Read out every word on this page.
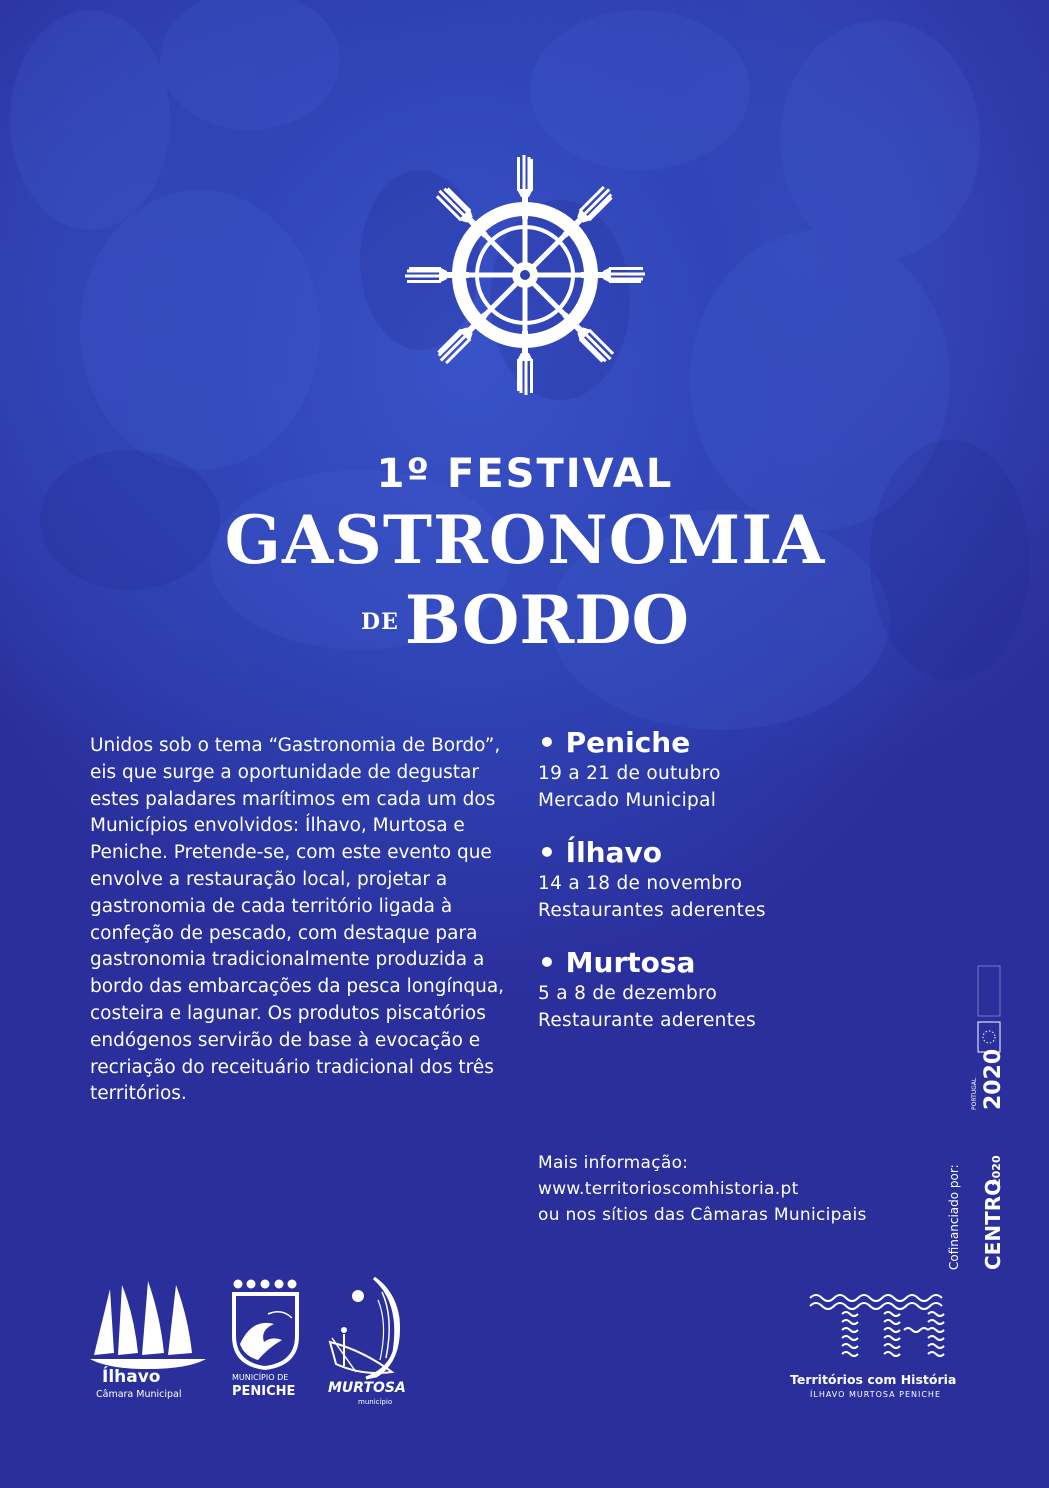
1º FESTIVAL

GASTRONOMIA

DEBORDO

Unidos sob o tema “Gastronomia de Bordo”, eis que surge a oportunidade de degustar estes paladares marítimos em cada um dos Municípios envolvidos: Ílhavo, Murtosa e Peniche. Pretende-se, com este evento que envolve a restauração local, projetar a gastronomia de cada território ligada à confeção de pescado, com destaque para gastronomia tradicionalmente produzida a bordo das embarcações da pesca longínqua, costeira e lagunar. Os produtos piscatórios endógenos servirão de base à evocação e recriação do receituário tradicional dos três territórios.

• Peniche
19 a 21 de outubro
Mercado Municipal
• Ílhavo
14 a 18 de novembro
Restaurantes aderentes
• Murtosa
5 a 8 de dezembro
Restaurante aderentes
Mais informação:
www.territorioscomhistoria.pt
ou nos sítios das Câmaras Municipais	Cofinanciado por: CENTRO
2020
2020
PORTUGAL
Ílhavo
Câmara Municipal
MUNICÍPIO DE
PENICHE MURTOSA
município
Territórios com História
ÍLHAVO MURTOSA PENICHE
